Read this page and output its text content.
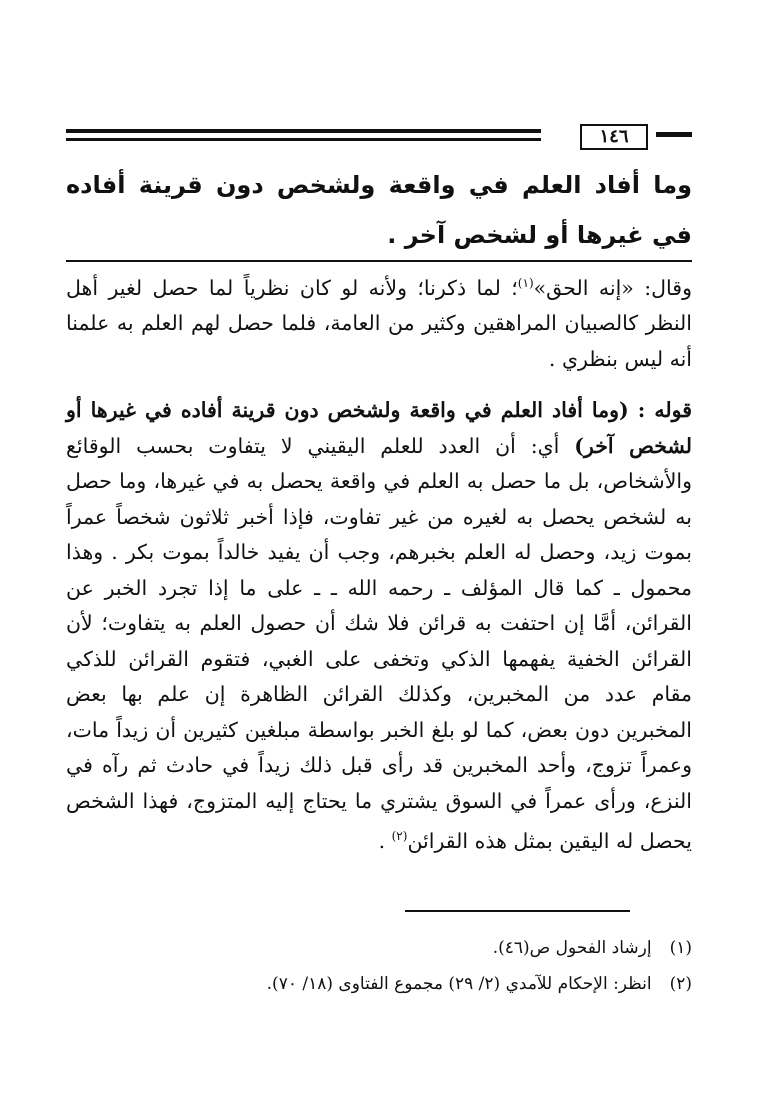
١٤٦
وما أفاد العلم في واقعة ولشخص دون قرينة أفاده في غيرها أو لشخص آخر .
وقال: «إنه الحق»$^{(١)}$؛ لما ذكرنا؛ ولأنه لو كان نظرياً لما حصل لغير أهل النظر كالصبيان المراهقين وكثير من العامة، فلما حصل لهم العلم به علمنا أنه ليس بنظري .
قوله : (وما أفاد العلم في واقعة ولشخص دون قرينة أفاده في غيرها أو لشخص آخر) أي: أن العدد للعلم اليقيني لا يتفاوت بحسب الوقائع والأشخاص، بل ما حصل به العلم في واقعة يحصل به في غيرها، وما حصل به لشخص يحصل به لغيره من غير تفاوت، فإذا أخبر ثلاثون شخصاً عمراً بموت زيد، وحصل له العلم بخبرهم، وجب أن يفيد خالداً بموت بكر . وهذا محمول ـ كما قال المؤلف ـ رحمه الله ـ ـ على ما إذا تجرد الخبر عن القرائن، أمَّا إن احتفت به قرائن فلا شك أن حصول العلم به يتفاوت؛ لأن القرائن الخفية يفهمها الذكي وتخفى على الغبي، فتقوم القرائن للذكي مقام عدد من المخبرين، وكذلك القرائن الظاهرة إن علم بها بعض المخبرين دون بعض، كما لو بلغ الخبر بواسطة مبلغين كثيرين أن زيداً مات، وعمراً تزوج، وأحد المخبرين قد رأى قبل ذلك زيداً في حادث ثم رآه في النزع، ورأى عمراً في السوق يشتري ما يحتاج إليه المتزوج، فهذا الشخص يحصل له اليقين بمثل هذه القرائن$^{(٢)}$ .
(١)
إرشاد الفحول ص(٤٦).
(٢)
انظر: الإحكام للآمدي (٢/ ٢٩) مجموع الفتاوى (١٨/ ٧٠).
